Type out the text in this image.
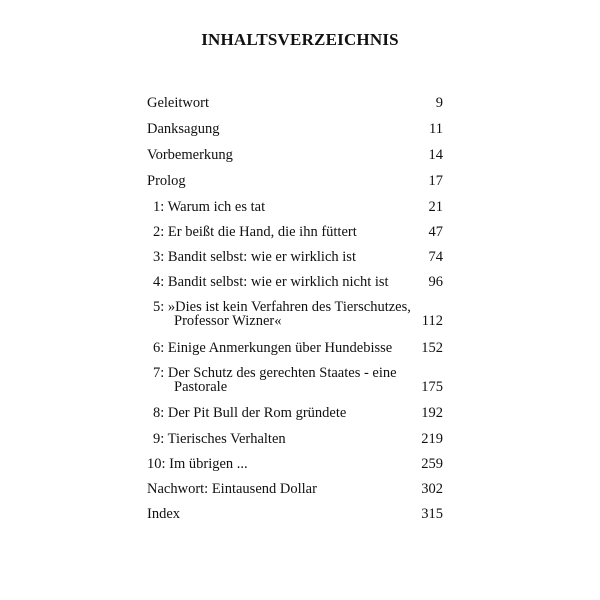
INHALTSVERZEICHNIS
Geleitwort	9
Danksagung	11
Vorbemerkung	14
Prolog	17
1: Warum ich es tat	21
2: Er beißt die Hand, die ihn füttert	47
3: Bandit selbst: wie er wirklich ist	74
4: Bandit selbst: wie er wirklich nicht ist	96
5: »Dies ist kein Verfahren des Tierschutzes,
Professor Wizner«	112
6: Einige Anmerkungen über Hundebisse 152
7: Der Schutz des gerechten Staates - eine
Pastorale	175
8: Der Pit Bull der Rom gründete	192
9: Tierisches Verhalten	219
10: Im übrigen ...	259
Nachwort: Eintausend Dollar	302
Index	315
